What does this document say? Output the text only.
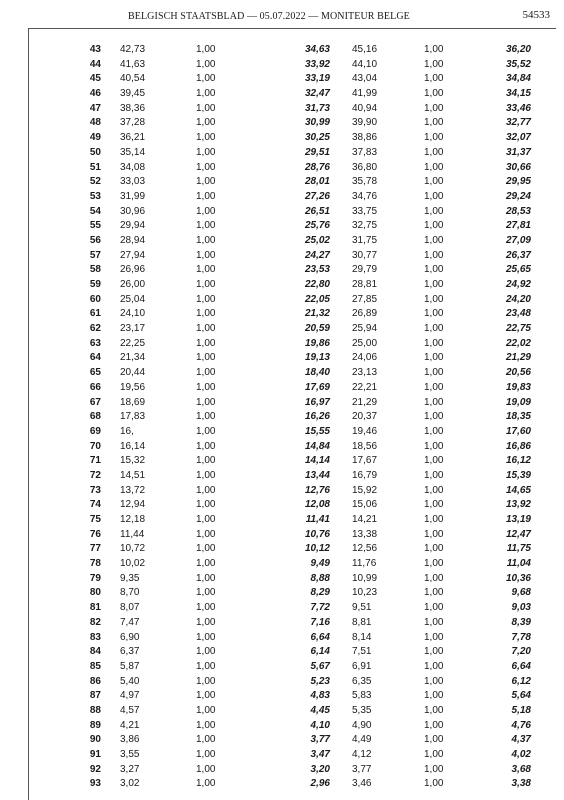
BELGISCH STAATSBLAD — 05.07.2022 — MONITEUR BELGE	54533
43 42,73	1,00	34,63 45,16	1,00	36,20
44 41,63	1,00	33,92 44,10	1,00	35,52
45 40,54	1,00	33,19 43,04	1,00	34,84
46 39,45	1,00	32,47 41,99	1,00	34,15
47 38,36	1,00	31,73 40,94	1,00	33,46
48 37,28	1,00	30,99 39,90	1,00	32,77
49 36,21	1,00	30,25 38,86	1,00	32,07
50 35,14	1,00	29,51 37,83	1,00	31,37
51 34,08	1,00	28,76 36,80	1,00	30,66
52 33,03	1,00	28,01 35,78	1,00	29,95
53 31,99	1,00	27,26 34,76	1,00	29,24
54 30,96	1,00	26,51 33,75	1,00	28,53
55 29,94	1,00	25,76 32,75	1,00	27,81
56 28,94	1,00	25,02 31,75	1,00	27,09
57 27,94	1,00	24,27 30,77	1,00	26,37
58 26,96	1,00	23,53 29,79	1,00	25,65
59 26,00	1,00	22,80 28,81	1,00	24,92
60 25,04	1,00	22,05 27,85	1,00	24,20
61 24,10	1,00	21,32 26,89	1,00	23,48
62 23,17	1,00	20,59 25,94	1,00	22,75
63 22,25	1,00	19,86 25,00	1,00	22,02
64 21,34	1,00	19,13 24,06	1,00	21,29
65 20,44	1,00	18,40 23,13	1,00	20,56
66 19,56	1,00	17,69 22,21	1,00	19,83
67 18,69	1,00	16,97 21,29	1,00	19,09
68 17,83	1,00	16,26 20,37	1,00	18,35
69 16,	1,00	15,55 19,46	1,00	17,60
70 16,14	1,00	14,84 18,56	1,00	16,86
71 15,32	1,00	14,14 17,67	1,00	16,12
72 14,51	1,00	13,44 16,79	1,00	15,39
73 13,72	1,00	12,76 15,92	1,00	14,65
74 12,94	1,00	12,08 15,06	1,00	13,92
75 12,18	1,00	11,41 14,21	1,00	13,19
76 11,44	1,00	10,76 13,38	1,00	12,47
77 10,72	1,00	10,12 12,56	1,00	11,75
78 10,02	1,00	9,49 11,76	1,00	11,04
79 9,35	1,00	8,88 10,99	1,00	10,36
80 8,70	1,00	8,29 10,23	1,00	9,68
81 8,07	1,00	7,72 9,51	1,00	9,03
82 7,47	1,00	7,16 8,81	1,00	8,39
83 6,90	1,00	6,64 8,14	1,00	7,78
84 6,37	1,00	6,14 7,51	1,00	7,20
85 5,87	1,00	5,67 6,91	1,00	6,64
86 5,40	1,00	5,23 6,35	1,00	6,12
87 4,97	1,00	4,83 5,83	1,00	5,64
88 4,57	1,00	4,45 5,35	1,00	5,18
89 4,21	1,00	4,10 4,90	1,00	4,76
90 3,86	1,00	3,77 4,49	1,00	4,37
91 3,55	1,00	3,47 4,12	1,00	4,02
92 3,27	1,00	3,20 3,77	1,00	3,68
93 3,02	1,00	2,96 3,46	1,00	3,38
